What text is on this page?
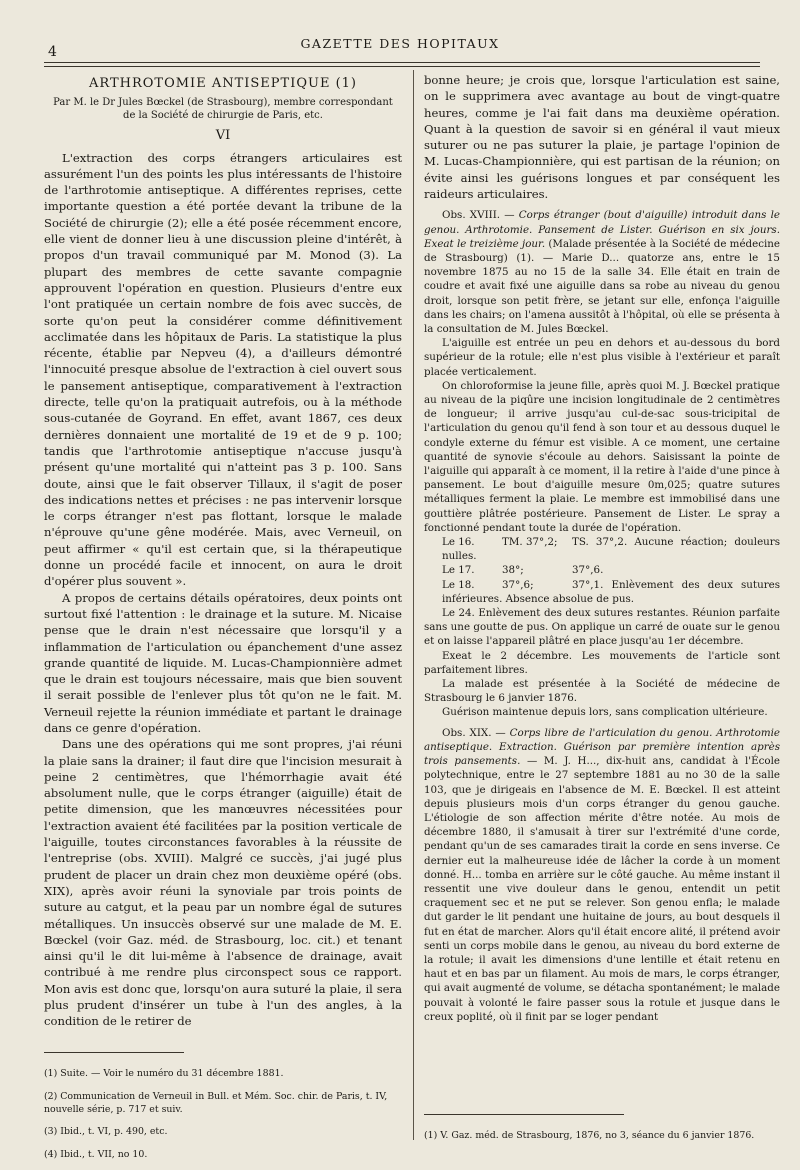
4
GAZETTE DES HOPITAUX
ARTHROTOMIE ANTISEPTIQUE (1)
Par M. le Dr Jules Bœckel (de Strasbourg), membre correspondant
de la Société de chirurgie de Paris, etc.
VI

L'extraction des corps étrangers articulaires est assurément l'un des points les plus intéressants de l'histoire de l'arthrotomie antiseptique. A différentes reprises, cette importante question a été portée devant la tribune de la Société de chirurgie (2); elle a été posée récemment encore, elle vient de donner lieu à une discussion pleine d'intérêt, à propos d'un travail communiqué par M. Monod (3). La plupart des membres de cette savante compagnie approuvent l'opération en question. Plusieurs d'entre eux l'ont pratiquée un certain nombre de fois avec succès, de sorte qu'on peut la considérer comme définitivement acclimatée dans les hôpitaux de Paris. La statistique la plus récente, établie par Nepveu (4), a d'ailleurs démontré l'innocuité presque absolue de l'extraction à ciel ouvert sous le pansement antiseptique, comparativement à l'extraction directe, telle qu'on la pratiquait autrefois, ou à la méthode sous-cutanée de Goyrand. En effet, avant 1867, ces deux dernières donnaient une mortalité de 19 et de 9 p. 100; tandis que l'arthrotomie antiseptique n'accuse jusqu'à présent qu'une mortalité qui n'atteint pas 3 p. 100. Sans doute, ainsi que le fait observer Tillaux, il s'agit de poser des indications nettes et précises : ne pas intervenir lorsque le corps étranger n'est pas flottant, lorsque le malade n'éprouve qu'une gêne modérée. Mais, avec Verneuil, on peut affirmer « qu'il est certain que, si la thérapeutique donne un procédé facile et innocent, on aura le droit d'opérer plus souvent ».

A propos de certains détails opératoires, deux points ont surtout fixé l'attention : le drainage et la suture. M. Nicaise pense que le drain n'est nécessaire que lorsqu'il y a inflammation de l'articulation ou épanchement d'une assez grande quantité de liquide. M. Lucas-Championnière admet que le drain est toujours nécessaire, mais que bien souvent il serait possible de l'enlever plus tôt qu'on ne le fait. M. Verneuil rejette la réunion immédiate et partant le drainage dans ce genre d'opération.

Dans une des opérations qui me sont propres, j'ai réuni la plaie sans la drainer; il faut dire que l'incision mesurait à peine 2 centimètres, que l'hémorrhagie avait été absolument nulle, que le corps étranger (aiguille) était de petite dimension, que les manœuvres nécessitées pour l'extraction avaient été facilitées par la position verticale de l'aiguille, toutes circonstances favorables à la réussite de l'entreprise (obs. XVIII). Malgré ce succès, j'ai jugé plus prudent de placer un drain chez mon deuxième opéré (obs. XIX), après avoir réuni la synoviale par trois points de suture au catgut, et la peau par un nombre égal de sutures métalliques. Un insuccès observé sur une malade de M. E. Bœckel (voir Gaz. méd. de Strasbourg, loc. cit.) et tenant ainsi qu'il le dit lui-même à l'absence de drainage, avait contribué à me rendre plus circonspect sous ce rapport. Mon avis est donc que, lorsqu'on aura suturé la plaie, il sera plus prudent d'insérer un tube à l'un des angles, à la condition de le retirer de

(1) Suite. — Voir le numéro du 31 décembre 1881.

(2) Communication de Verneuil in Bull. et Mém. Soc. chir. de Paris, t. IV, nouvelle série, p. 717 et suiv.

(3) Ibid., t. VI, p. 490, etc.

(4) Ibid., t. VII, no 10.

bonne heure; je crois que, lorsque l'articulation est saine, on le supprimera avec avantage au bout de vingt-quatre heures, comme je l'ai fait dans ma deuxième opération. Quant à la question de savoir si en général il vaut mieux suturer ou ne pas suturer la plaie, je partage l'opinion de M. Lucas-Championnière, qui est partisan de la réunion; on évite ainsi les guérisons longues et par conséquent les raideurs articulaires.

Obs. XVIII. — Corps étranger (bout d'aiguille) introduit dans le genou. Arthrotomie. Pansement de Lister. Guérison en six jours. Exeat le treizième jour. (Malade présentée à la Société de médecine de Strasbourg) (1). — Marie D... quatorze ans, entre le 15 novembre 1875 au no 15 de la salle 34. Elle était en train de coudre et avait fixé une aiguille dans sa robe au niveau du genou droit, lorsque son petit frère, se jetant sur elle, enfonça l'aiguille dans les chairs; on l'amena aussitôt à l'hôpital, où elle se présenta à la consultation de M. Jules Bœckel.

L'aiguille est entrée un peu en dehors et au-dessous du bord supérieur de la rotule; elle n'est plus visible à l'extérieur et paraît placée verticalement.

On chloroformise la jeune fille, après quoi M. J. Bœckel pratique au niveau de la piqûre une incision longitudinale de 2 centimètres de longueur; il arrive jusqu'au cul-de-sac sous-tricipital de l'articulation du genou qu'il fend à son tour et au dessous duquel le condyle externe du fémur est visible. A ce moment, une certaine quantité de synovie s'écoule au dehors. Saisissant la pointe de l'aiguille qui apparaît à ce moment, il la retire à l'aide d'une pince à pansement. Le bout d'aiguille mesure 0m,025; quatre sutures métalliques ferment la plaie. Le membre est immobilisé dans une gouttière plâtrée postérieure. Pansement de Lister. Le spray a fonctionné pendant toute la durée de l'opération.

Le 16.	TM. 37°,2; TS. 37°,2. Aucune réaction; douleurs nulles.
Le 17.	38°;	37°,6.
Le 18.	37°,6;	37°,1. Enlèvement des deux sutures inférieures. Absence absolue de pus.

Le 24. Enlèvement des deux sutures restantes. Réunion parfaite sans une goutte de pus. On applique un carré de ouate sur le genou et on laisse l'appareil plâtré en place jusqu'au 1er décembre.

Exeat le 2 décembre. Les mouvements de l'article sont parfaitement libres.

La malade est présentée à la Société de médecine de Strasbourg le 6 janvier 1876.

Guérison maintenue depuis lors, sans complication ultérieure.

Obs. XIX. — Corps libre de l'articulation du genou. Arthrotomie antiseptique. Extraction. Guérison par première intention après trois pansements. — M. J. H..., dix-huit ans, candidat à l'École polytechnique, entre le 27 septembre 1881 au no 30 de la salle 103, que je dirigeais en l'absence de M. E. Bœckel. Il est atteint depuis plusieurs mois d'un corps étranger du genou gauche. L'étiologie de son affection mérite d'être notée. Au mois de décembre 1880, il s'amusait à tirer sur l'extrémité d'une corde, pendant qu'un de ses camarades tirait la corde en sens inverse. Ce dernier eut la malheureuse idée de lâcher la corde à un moment donné. H... tomba en arrière sur le côté gauche. Au même instant il ressentit une vive douleur dans le genou, entendit un petit craquement sec et ne put se relever. Son genou enfla; le malade dut garder le lit pendant une huitaine de jours, au bout desquels il fut en état de marcher. Alors qu'il était encore alité, il prétend avoir senti un corps mobile dans le genou, au niveau du bord externe de la rotule; il avait les dimensions d'une lentille et était retenu en haut et en bas par un filament. Au mois de mars, le corps étranger, qui avait augmenté de volume, se détacha spontanément; le malade pouvait à volonté le faire passer sous la rotule et jusque dans le creux poplité, où il finit par se loger pendant

(1) V. Gaz. méd. de Strasbourg, 1876, no 3, séance du 6 janvier 1876.
